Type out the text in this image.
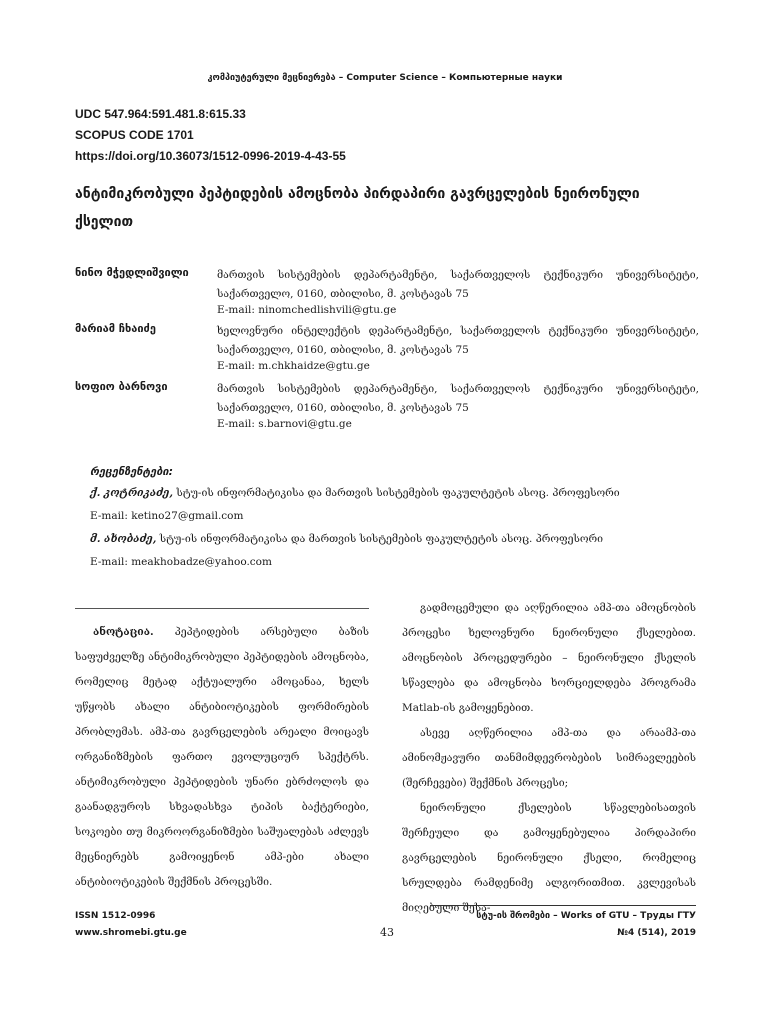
კომპიუტერული მეცნიერება – Computer Science – Компьютерные науки
UDC 547.964:591.481.8:615.33
SCOPUS CODE 1701
https://doi.org/10.36073/1512-0996-2019-4-43-55
ანტიმიკრობული პეპტიდების ამოცნობა პირდაპირი გავრცელების ნეირონული ქსელით
ნინო მჭედლიშვილი	მართვის სისტემების დეპარტამენტი, საქართველოს ტექნიკური უნივერსიტეტი, საქართველო, 0160, თბილისი, მ. კოსტავას 75
E-mail: ninomchedlishvili@gtu.ge
მარიამ ჩხაიძე	ხელოვნური ინტელექტის დეპარტამენტი, საქართველოს ტექნიკური უნივერსიტეტი, საქართველო, 0160, თბილისი, მ. კოსტავას 75
E-mail: m.chkhaidze@gtu.ge
სოფიო ბარნოვი	მართვის სისტემების დეპარტამენტი, საქართველოს ტექნიკური უნივერსიტეტი, საქართველო, 0160, თბილისი, მ. კოსტავას 75
E-mail: s.barnovi@gtu.ge
რეცენზენტები:
ქ. კოტრიკაძე, სტუ-ის ინფორმატიკისა და მართვის სისტემების ფაკულტეტის ასოც. პროფესორი
E-mail: ketino27@gmail.com
მ. ახობაძე, სტუ-ის ინფორმატიკისა და მართვის სისტემების ფაკულტეტის ასოც. პროფესორი
E-mail: meakhobadze@yahoo.com

ანოტაცია. პეპტიდების არსებული ბაზის საფუძველზე ანტიმიკრობული პეპტიდების ამოცნობა, რომელიც მეტად აქტუალური ამოცანაა, ხელს უწყობს ახალი ანტიბიოტიკების ფორმირების პრობლემას. ამპ-თა გავრცელების არეალი მოიცავს ორგანიზმების ფართო ევოლუციურ სპექტრს. ანტიმიკრობული პეპტიდების უნარი ებრძოლოს და გაანადგუროს სხვადასხვა ტიპის ბაქტერიები, სოკოები თუ მიკროორგანიზმები საშუალებას აძლევს მეცნიერებს გამოიყენონ ამპ-ები ახალი ანტიბიოტიკების შექმნის პროცესში.

გადმოცემული და აღწერილია ამპ-თა ამოცნობის პროცესი ხელოვნური ნეირონული ქსელებით. ამოცნობის პროცედურები – ნეირონული ქსელის სწავლება და ამოცნობა ხორციელდება პროგრამა Matlab-ის გამოყენებით.

ასევე აღწერილია ამპ-თა და არაამპ-თა ამინომჟავური თანმიმდევრობების სიმრავლეების (შერჩევები) შექმნის პროცესი;

ნეირონული ქსელების სწავლებისათვის შერჩეული და გამოყენებულია პირდაპირი გავრცელების ნეირონული ქსელი, რომელიც სრულდება რამდენიმე ალგორითმით. კვლევისას მიღებული შესა-

ISSN 1512-0996
www.shromebi.gtu.ge	43
სტუ-ის შრომები – Works of GTU – Труды ГТУ
№4 (514), 2019
